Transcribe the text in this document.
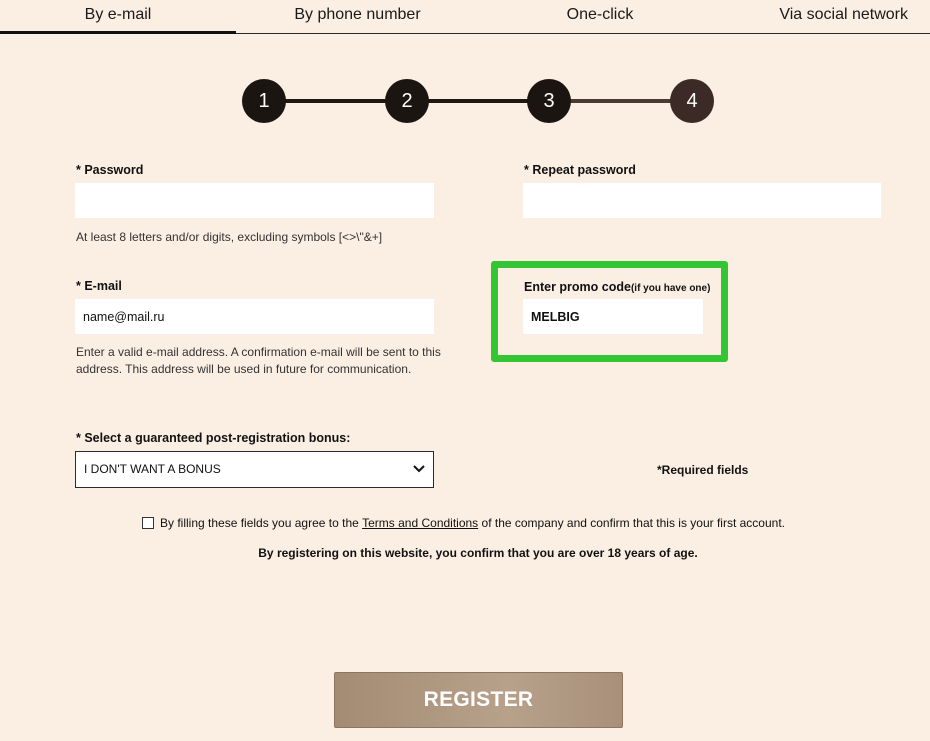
By e-mail	By phone number	One-click	Via social network
1	2	3	4
* Password
At least 8 letters and/or digits, excluding symbols [<>\"&+]
* Repeat password
* E-mail
name@mail.ru
Enter a valid e-mail address. A confirmation e-mail will be sent to this address. This address will be used in future for communication.
Enter promo code(if you have one)
MELBIG
* Select a guaranteed post-registration bonus:
I DON'T WANT A BONUS	*Required fields
By filling these fields you agree to the Terms and Conditions of the company and confirm that this is your first account.
By registering on this website, you confirm that you are over 18 years of age.
REGISTER
